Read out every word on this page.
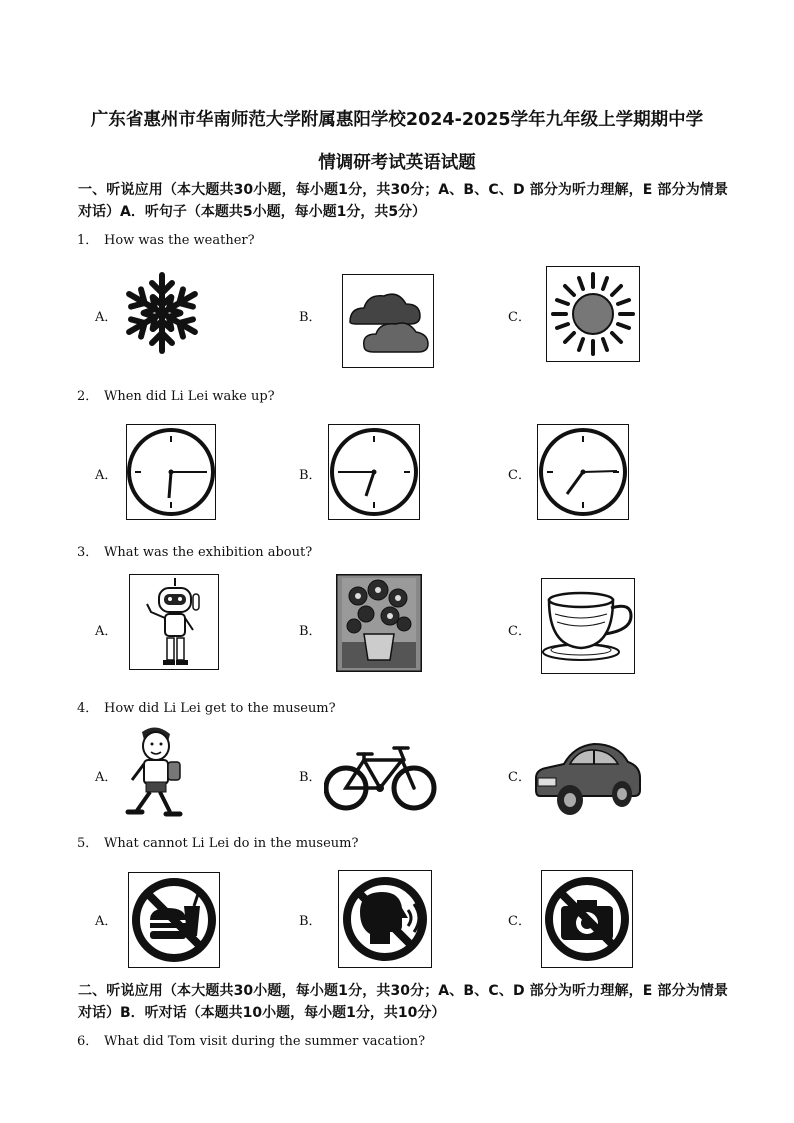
广东省惠州市华南师范大学附属惠阳学校2024-2025学年九年级上学期期中学
情调研考试英语试题
一、听说应用（本大题共30小题，每小题1分，共30分；A、B、C、D 部分为听力理解，E 部分为情景对话）A．听句子（本题共5小题，每小题1分，共5分）
1． How was the weather?
A．	B．	C．
2． When did Li Lei wake up?
A．	B．	C．
3． What was the exhibition about?
A．	B．	C．
4． How did Li Lei get to the museum?
A．	B．	C．
5． What cannot Li Lei do in the museum?
A．	B．	C．
二、听说应用（本大题共30小题，每小题1分，共30分；A、B、C、D 部分为听力理解，E 部分为情景对话）B．听对话（本题共10小题，每小题1分，共10分）
6． What did Tom visit during the summer vacation?
